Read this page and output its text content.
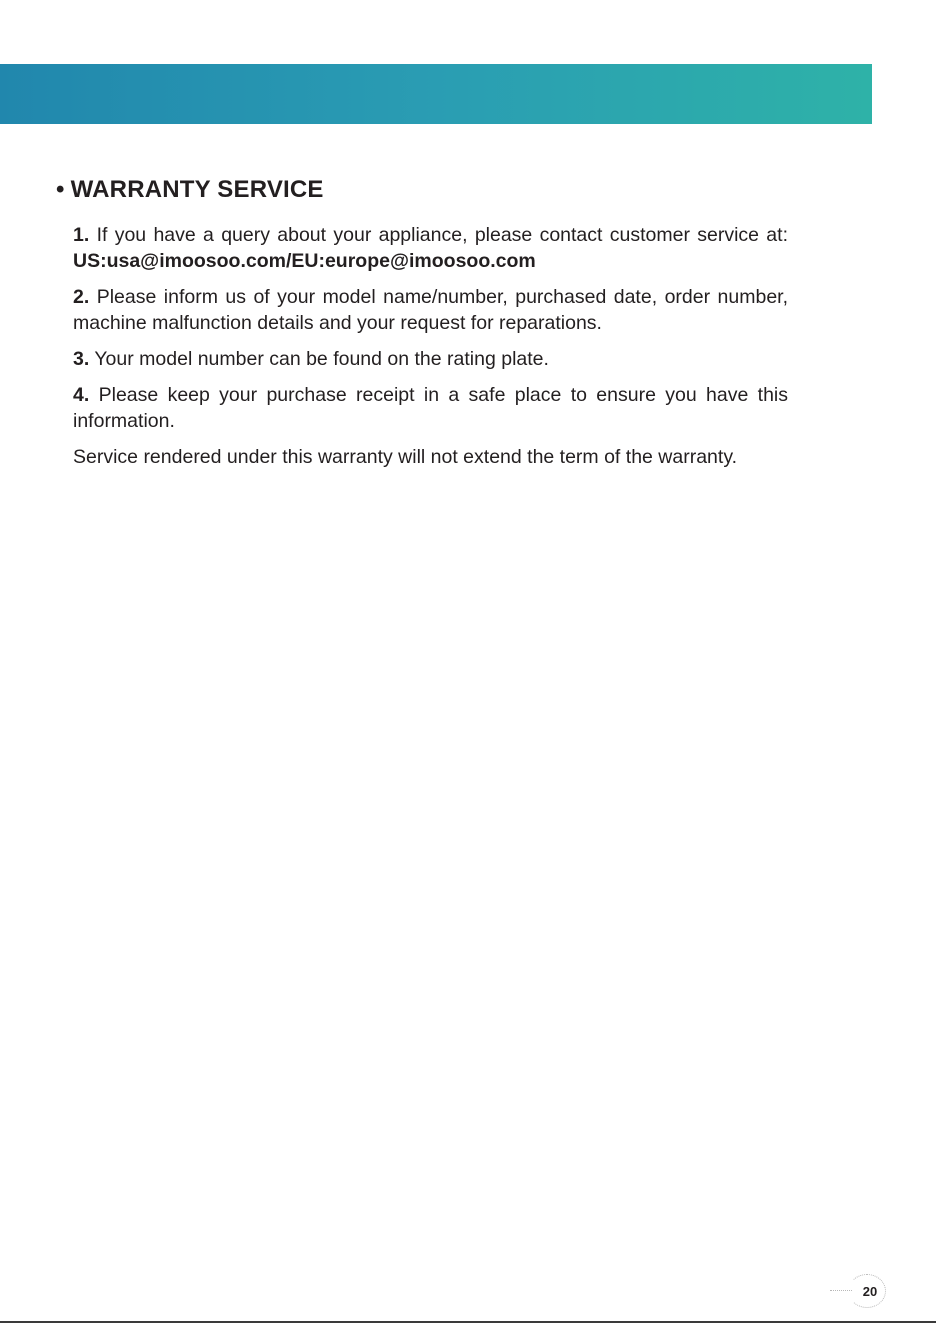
• WARRANTY SERVICE

1. If you have a query about your appliance, please contact customer service at: US:usa@imoosoo.com/EU:europe@imoosoo.com

2. Please inform us of your model name/number, purchased date, order number, machine malfunction details and your request for reparations.

3. Your model number can be found on the rating plate.

4. Please keep your purchase receipt in a safe place to ensure you have this information.

Service rendered under this warranty will not extend the term of the warranty.

20
